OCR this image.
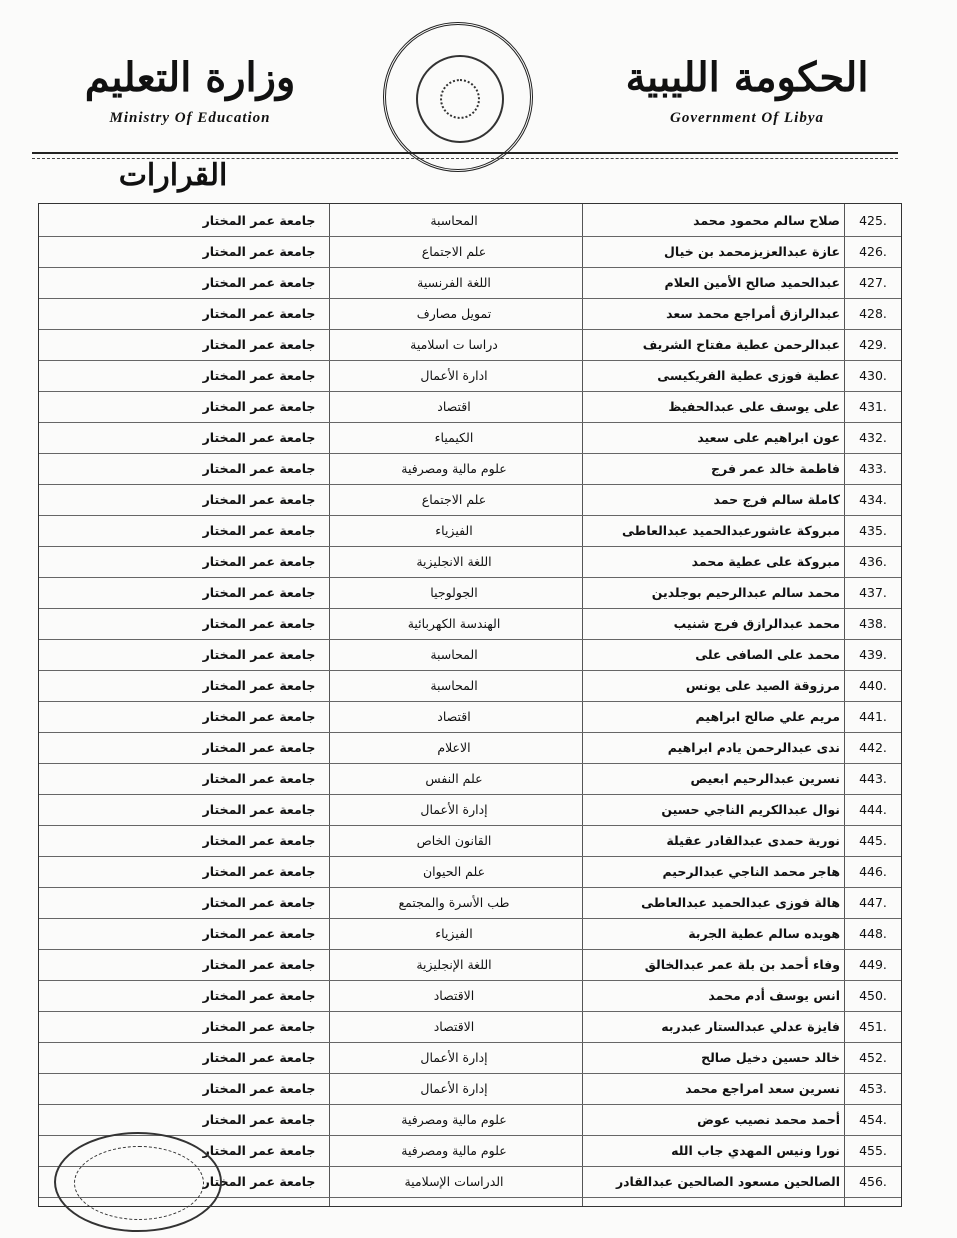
الحكومة الليبية
Government Of Libya
وزارة التعليم
Ministry Of Education
القرارات
425.
صلاح سالم محمود محمد
المحاسبة
جامعة عمر المختار
426.
عازة عبدالعزيزمحمد بن خيال
علم الاجتماع
جامعة عمر المختار
427.
عبدالحميد صالح الأمين العلام
اللغة الفرنسية
جامعة عمر المختار
428.
عبدالرازق أمراجع محمد سعد
تمويل مصارف
جامعة عمر المختار
429.
عبدالرحمن عطية مفتاح الشريف
دراسا ت اسلامية
جامعة عمر المختار
430.
عطية فوزى عطية الفريكيسى
ادارة الأعمال
جامعة عمر المختار
431.
على يوسف على عبدالحفيظ
اقتصاد
جامعة عمر المختار
432.
عون ابراهيم على سعيد
الكيمياء
جامعة عمر المختار
433.
فاطمة خالد عمر فرج
علوم مالية ومصرفية
جامعة عمر المختار
434.
كاملة سالم فرج حمد
علم الاجتماع
جامعة عمر المختار
435.
مبروكة عاشورعبدالحميد عبدالعاطى
الفيزياء
جامعة عمر المختار
436.
مبروكة على عطية محمد
اللغة الانجليزية
جامعة عمر المختار
437.
محمد سالم عبدالرحيم بوجلدين
الجولوجيا
جامعة عمر المختار
438.
محمد عبدالرازق فرج شنيب
الهندسة الكهربائية
جامعة عمر المختار
439.
محمد على الصافى على
المحاسبة
جامعة عمر المختار
440.
مرزوقة الصيد على يونس
المحاسبة
جامعة عمر المختار
441.
مريم علي صالح ابراهيم
اقتصاد
جامعة عمر المختار
442.
ندى عبدالرحمن يادم ابراهيم
الاعلام
جامعة عمر المختار
443.
نسرين عبدالرحيم ابعيص
علم النفس
جامعة عمر المختار
444.
نوال عبدالكريم الناجي حسين
إدارة الأعمال
جامعة عمر المختار
445.
نورية حمدى عبدالقادر عقيلة
القانون الخاص
جامعة عمر المختار
446.
هاجر محمد الناجي عبدالرحيم
علم الحيوان
جامعة عمر المختار
447.
هالة فوزى عبدالحميد عبدالعاطى
طب الأسرة والمجتمع
جامعة عمر المختار
448.
هويده سالم عطية الجربة
الفيزياء
جامعة عمر المختار
449.
وفاء أحمد بن بلة عمر عبدالخالق
اللغة الإنجليزية
جامعة عمر المختار
450.
انس يوسف أدم محمد
الاقتصاد
جامعة عمر المختار
451.
فايزة عدلي عبدالستار عبدربه
الاقتصاد
جامعة عمر المختار
452.
خالد حسين دخيل صالح
إدارة الأعمال
جامعة عمر المختار
453.
نسرين سعد امراجع محمد
إدارة الأعمال
جامعة عمر المختار
454.
أحمد محمد نصيب عوض
علوم مالية ومصرفية
جامعة عمر المختار
455.
نورا ونيس المهدي جاب الله
علوم مالية ومصرفية
جامعة عمر المختار
456.
الصالحين مسعود الصالحين عبدالقادر
الدراسات الإسلامية
جامعة عمر المختار
